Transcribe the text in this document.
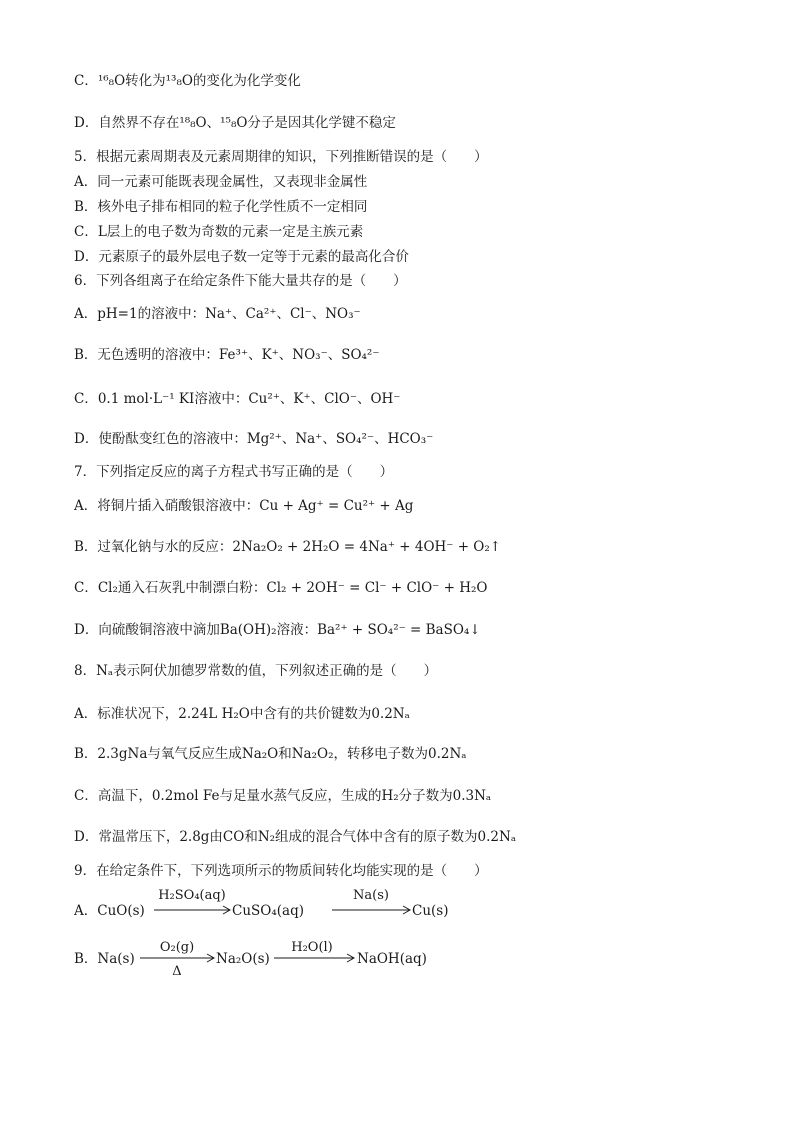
C．¹⁶₈O转化为¹³₈O的变化为化学变化
D．自然界不存在¹⁸₈O、¹⁵₈O分子是因其化学键不稳定
5．根据元素周期表及元素周期律的知识，下列推断错误的是（　　）
A．同一元素可能既表现金属性，又表现非金属性
B．核外电子排布相同的粒子化学性质不一定相同
C．L层上的电子数为奇数的元素一定是主族元素
D．元素原子的最外层电子数一定等于元素的最高化合价
6．下列各组离子在给定条件下能大量共存的是（　　）
A．pH=1的溶液中：Na⁺、Ca²⁺、Cl⁻、NO₃⁻
B．无色透明的溶液中：Fe³⁺、K⁺、NO₃⁻、SO₄²⁻
C．0.1 mol·L⁻¹ KI溶液中：Cu²⁺、K⁺、ClO⁻、OH⁻
D．使酚酞变红色的溶液中：Mg²⁺、Na⁺、SO₄²⁻、HCO₃⁻
7．下列指定反应的离子方程式书写正确的是（　　）
A．将铜片插入硝酸银溶液中：Cu + Ag⁺ = Cu²⁺ + Ag
B．过氧化钠与水的反应：2Na₂O₂ + 2H₂O = 4Na⁺ + 4OH⁻ + O₂↑
C．Cl₂通入石灰乳中制漂白粉：Cl₂ + 2OH⁻ = Cl⁻ + ClO⁻ + H₂O
D．向硫酸铜溶液中滴加Ba(OH)₂溶液：Ba²⁺ + SO₄²⁻ = BaSO₄↓
8．Nₐ表示阿伏加德罗常数的值，下列叙述正确的是（　　）
A．标准状况下，2.24L H₂O中含有的共价键数为0.2Nₐ
B．2.3gNa与氧气反应生成Na₂O和Na₂O₂，转移电子数为0.2Nₐ
C．高温下，0.2mol Fe与足量水蒸气反应，生成的H₂分子数为0.3Nₐ
D．常温常压下，2.8g由CO和N₂组成的混合气体中含有的原子数为0.2Nₐ
9．在给定条件下，下列选项所示的物质间转化均能实现的是（　　）
A．CuO(s)
H₂SO₄(aq)
CuSO₄(aq)
Na(s)
Cu(s)
B．Na(s)
O₂(g)
Δ
Na₂O(s)
H₂O(l)
NaOH(aq)
